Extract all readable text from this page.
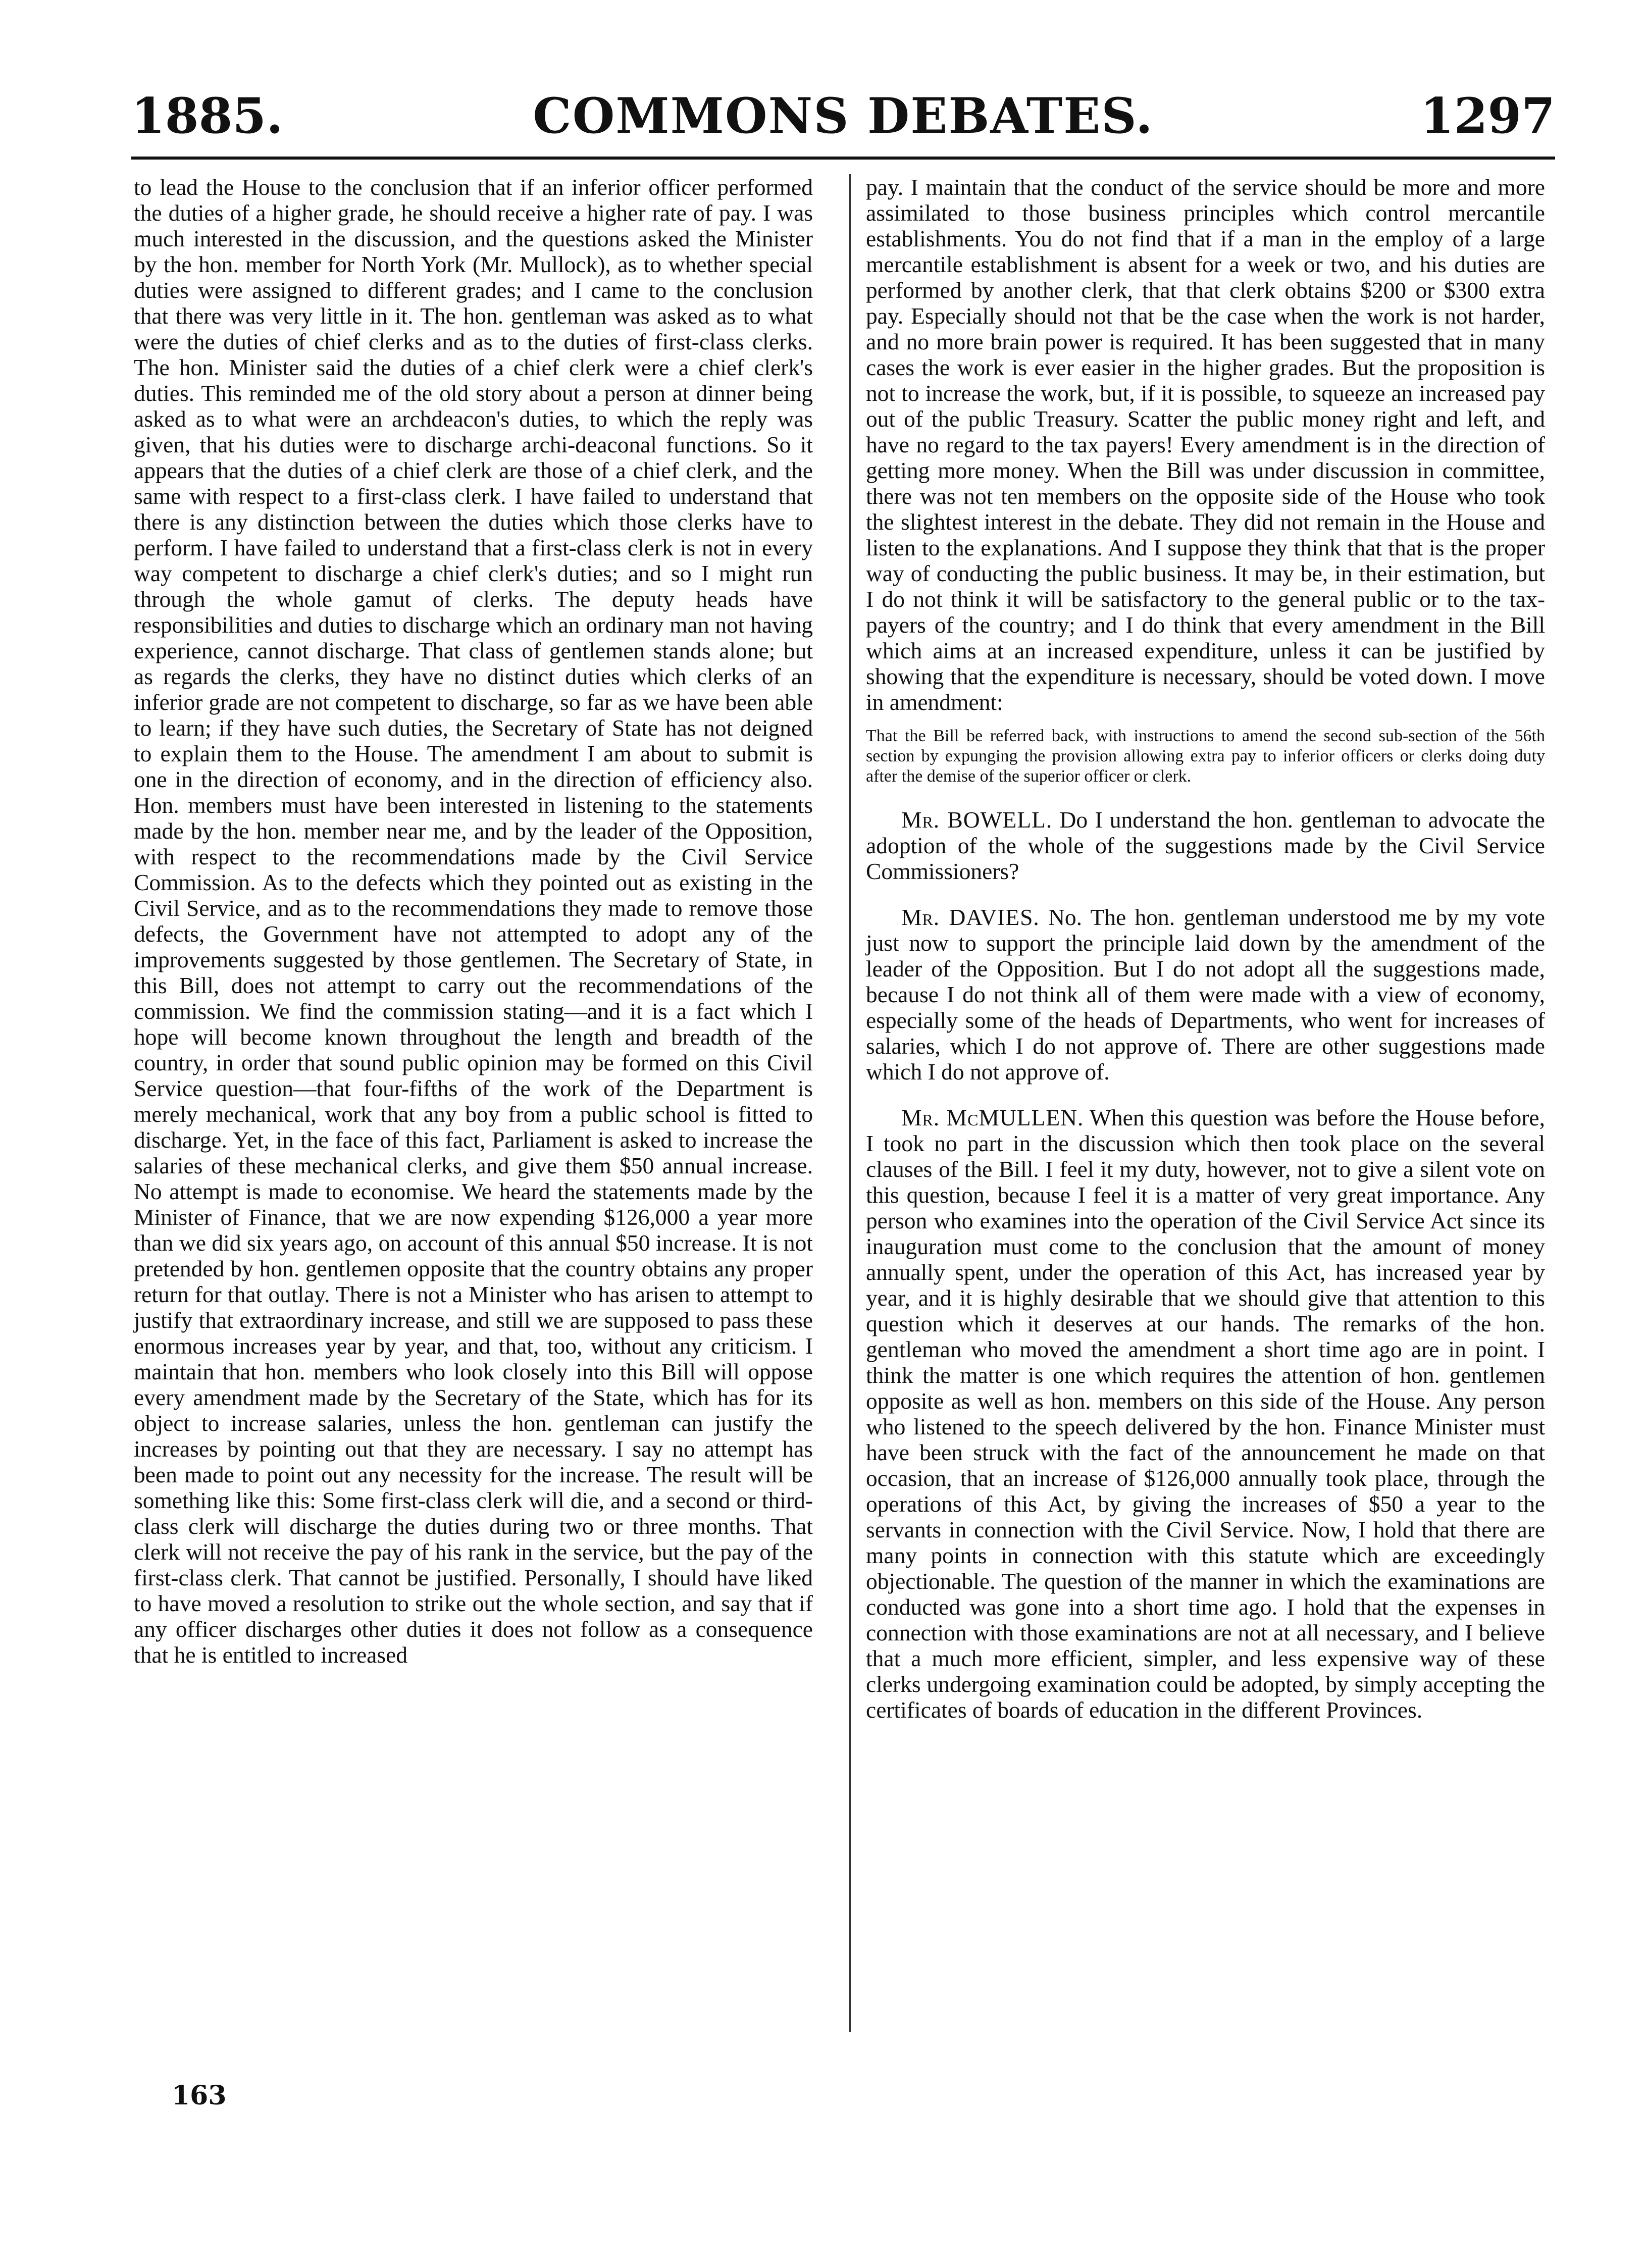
1885.	COMMONS DEBATES.	1297

to lead the House to the conclusion that if an inferior officer performed the duties of a higher grade, he should receive a higher rate of pay. I was much interested in the discussion, and the questions asked the Minister by the hon. member for North York (Mr. Mullock), as to whether special duties were assigned to different grades; and I came to the conclusion that there was very little in it. The hon. gentleman was asked as to what were the duties of chief clerks and as to the duties of first-class clerks. The hon. Minister said the duties of a chief clerk were a chief clerk's duties. This reminded me of the old story about a person at dinner being asked as to what were an archdeacon's duties, to which the reply was given, that his duties were to discharge archi-deaconal functions. So it appears that the duties of a chief clerk are those of a chief clerk, and the same with respect to a first-class clerk. I have failed to understand that there is any distinction between the duties which those clerks have to perform. I have failed to understand that a first-class clerk is not in every way competent to discharge a chief clerk's duties; and so I might run through the whole gamut of clerks. The deputy heads have responsibilities and duties to discharge which an ordinary man not having experience, cannot discharge. That class of gentlemen stands alone; but as regards the clerks, they have no distinct duties which clerks of an inferior grade are not competent to discharge, so far as we have been able to learn; if they have such duties, the Secretary of State has not deigned to explain them to the House. The amendment I am about to submit is one in the direction of economy, and in the direction of efficiency also. Hon. members must have been interested in listening to the statements made by the hon. member near me, and by the leader of the Opposition, with respect to the recommendations made by the Civil Service Commission. As to the defects which they pointed out as existing in the Civil Service, and as to the recommendations they made to remove those defects, the Government have not attempted to adopt any of the improvements suggested by those gentlemen. The Secretary of State, in this Bill, does not attempt to carry out the recommendations of the commission. We find the commission stating—and it is a fact which I hope will become known throughout the length and breadth of the country, in order that sound public opinion may be formed on this Civil Service question—that four-fifths of the work of the Department is merely mechanical, work that any boy from a public school is fitted to discharge. Yet, in the face of this fact, Parliament is asked to increase the salaries of these mechanical clerks, and give them $50 annual increase. No attempt is made to economise. We heard the statements made by the Minister of Finance, that we are now expending $126,000 a year more than we did six years ago, on account of this annual $50 increase. It is not pretended by hon. gentlemen opposite that the country obtains any proper return for that outlay. There is not a Minister who has arisen to attempt to justify that extraordinary increase, and still we are supposed to pass these enormous increases year by year, and that, too, without any criticism. I maintain that hon. members who look closely into this Bill will oppose every amendment made by the Secretary of the State, which has for its object to increase salaries, unless the hon. gentleman can justify the increases by pointing out that they are necessary. I say no attempt has been made to point out any necessity for the increase. The result will be something like this: Some first-class clerk will die, and a second or third-class clerk will discharge the duties during two or three months. That clerk will not receive the pay of his rank in the service, but the pay of the first-class clerk. That cannot be justified. Personally, I should have liked to have moved a resolution to strike out the whole section, and say that if any officer discharges other duties it does not follow as a consequence that he is entitled to increased

pay. I maintain that the conduct of the service should be more and more assimilated to those business principles which control mercantile establishments. You do not find that if a man in the employ of a large mercantile establishment is absent for a week or two, and his duties are performed by another clerk, that that clerk obtains $200 or $300 extra pay. Especially should not that be the case when the work is not harder, and no more brain power is required. It has been suggested that in many cases the work is ever easier in the higher grades. But the proposition is not to increase the work, but, if it is possible, to squeeze an increased pay out of the public Treasury. Scatter the public money right and left, and have no regard to the tax payers! Every amendment is in the direction of getting more money. When the Bill was under discussion in committee, there was not ten members on the opposite side of the House who took the slightest interest in the debate. They did not remain in the House and listen to the explanations. And I suppose they think that that is the proper way of conducting the public business. It may be, in their estimation, but I do not think it will be satisfactory to the general public or to the tax-payers of the country; and I do think that every amendment in the Bill which aims at an increased expenditure, unless it can be justified by showing that the expenditure is necessary, should be voted down. I move in amendment:

That the Bill be referred back, with instructions to amend the second sub-section of the 56th section by expunging the provision allowing extra pay to inferior officers or clerks doing duty after the demise of the superior officer or clerk.

Mr. BOWELL. Do I understand the hon. gentleman to advocate the adoption of the whole of the suggestions made by the Civil Service Commissioners?

Mr. DAVIES. No. The hon. gentleman understood me by my vote just now to support the principle laid down by the amendment of the leader of the Opposition. But I do not adopt all the suggestions made, because I do not think all of them were made with a view of economy, especially some of the heads of Departments, who went for increases of salaries, which I do not approve of. There are other suggestions made which I do not approve of.

Mr. McMULLEN. When this question was before the House before, I took no part in the discussion which then took place on the several clauses of the Bill. I feel it my duty, however, not to give a silent vote on this question, because I feel it is a matter of very great importance. Any person who examines into the operation of the Civil Service Act since its inauguration must come to the conclusion that the amount of money annually spent, under the operation of this Act, has increased year by year, and it is highly desirable that we should give that attention to this question which it deserves at our hands. The remarks of the hon. gentleman who moved the amendment a short time ago are in point. I think the matter is one which requires the attention of hon. gentlemen opposite as well as hon. members on this side of the House. Any person who listened to the speech delivered by the hon. Finance Minister must have been struck with the fact of the announcement he made on that occasion, that an increase of $126,000 annually took place, through the operations of this Act, by giving the increases of $50 a year to the servants in connection with the Civil Service. Now, I hold that there are many points in connection with this statute which are exceedingly objectionable. The question of the manner in which the examinations are conducted was gone into a short time ago. I hold that the expenses in connection with those examinations are not at all necessary, and I believe that a much more efficient, simpler, and less expensive way of these clerks undergoing examination could be adopted, by simply accepting the certificates of boards of education in the different Provinces.

163
